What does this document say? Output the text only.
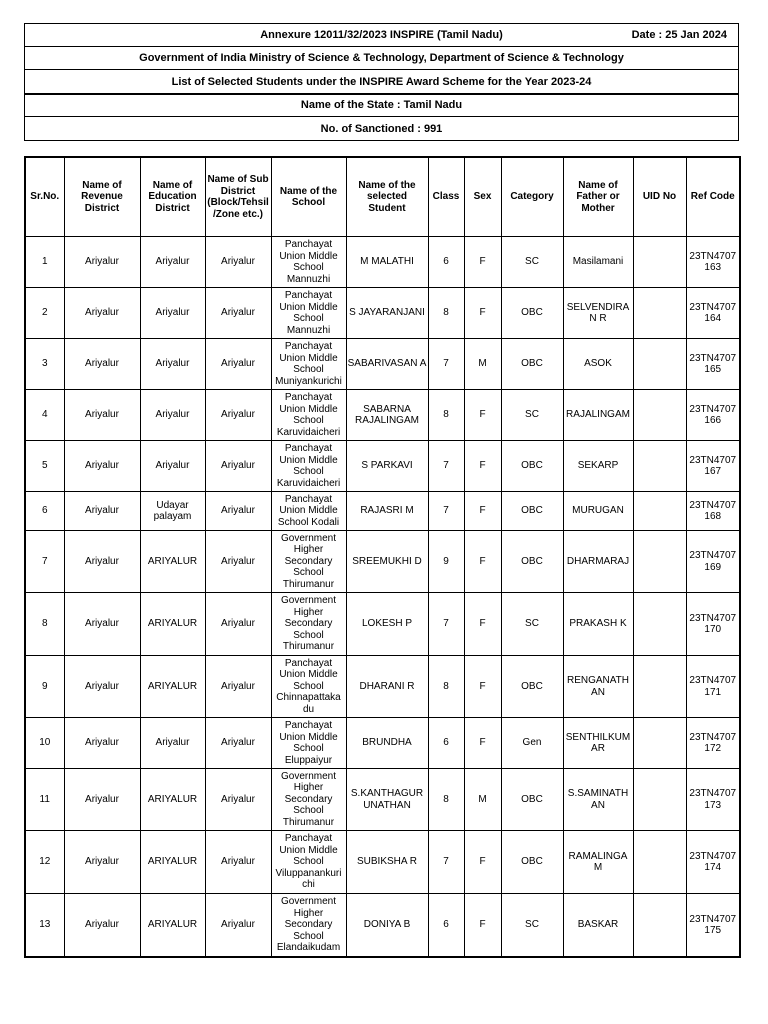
Annexure 12011/32/2023 INSPIRE (Tamil Nadu)	Date : 25 Jan 2024
Government of India Ministry of Science & Technology, Department of Science & Technology
List of Selected Students under the INSPIRE Award Scheme for the Year 2023-24
Name of the State : Tamil Nadu
No. of Sanctioned : 991
Sr.No.	Name of Revenue District	Name of Education District	Name of Sub District (Block/Tehsil/Zone etc.)	Name of the School	Name of the selected Student	Class	Sex	Category	Name of Father or Mother	UID No	Ref Code
1	Ariyalur	Ariyalur	Ariyalur	Panchayat Union Middle School Mannuzhi	M MALATHI	6	F	SC	Masilamani		23TN4707 163
2	Ariyalur	Ariyalur	Ariyalur	Panchayat Union Middle School Mannuzhi	S JAYARANJANI	8	F	OBC	SELVENDIRA N R		23TN4707 164
3	Ariyalur	Ariyalur	Ariyalur	Panchayat Union Middle School Muniyankurichi	SABARIVASAN A	7	M	OBC	ASOK		23TN4707 165
4	Ariyalur	Ariyalur	Ariyalur	Panchayat Union Middle School Karuvidaicheri	SABARNA RAJALINGAM	8	F	SC	RAJALINGAM		23TN4707 166
5	Ariyalur	Ariyalur	Ariyalur	Panchayat Union Middle School Karuvidaicheri	S PARKAVI	7	F	OBC	SEKARP		23TN4707 167
6	Ariyalur	Udayar palayam	Ariyalur	Panchayat Union Middle School Kodali	RAJASRI M	7	F	OBC	MURUGAN		23TN4707 168
7	Ariyalur	ARIYALUR	Ariyalur	Government Higher Secondary School Thirumanur	SREEMUKHI D	9	F	OBC	DHARMARAJ		23TN4707 169
8	Ariyalur	ARIYALUR	Ariyalur	Government Higher Secondary School Thirumanur	LOKESH P	7	F	SC	PRAKASH K		23TN4707 170
9	Ariyalur	ARIYALUR	Ariyalur	Panchayat Union Middle School Chinnapattaka du	DHARANI R	8	F	OBC	RENGANATH AN		23TN4707 171
10	Ariyalur	Ariyalur	Ariyalur	Panchayat Union Middle School Eluppaiyur	BRUNDHA	6	F	Gen	SENTHILKUM AR		23TN4707 172
11	Ariyalur	ARIYALUR	Ariyalur	Government Higher Secondary School Thirumanur	S.KANTHAGUR UNATHAN	8	M	OBC	S.SAMINATH AN		23TN4707 173
12	Ariyalur	ARIYALUR	Ariyalur	Panchayat Union Middle School Viluppanankuri chi	SUBIKSHA R	7	F	OBC	RAMALINGA M		23TN4707 174
13	Ariyalur	ARIYALUR	Ariyalur	Government Higher Secondary School Elandaikudam	DONIYA B	6	F	SC	BASKAR		23TN4707 175
